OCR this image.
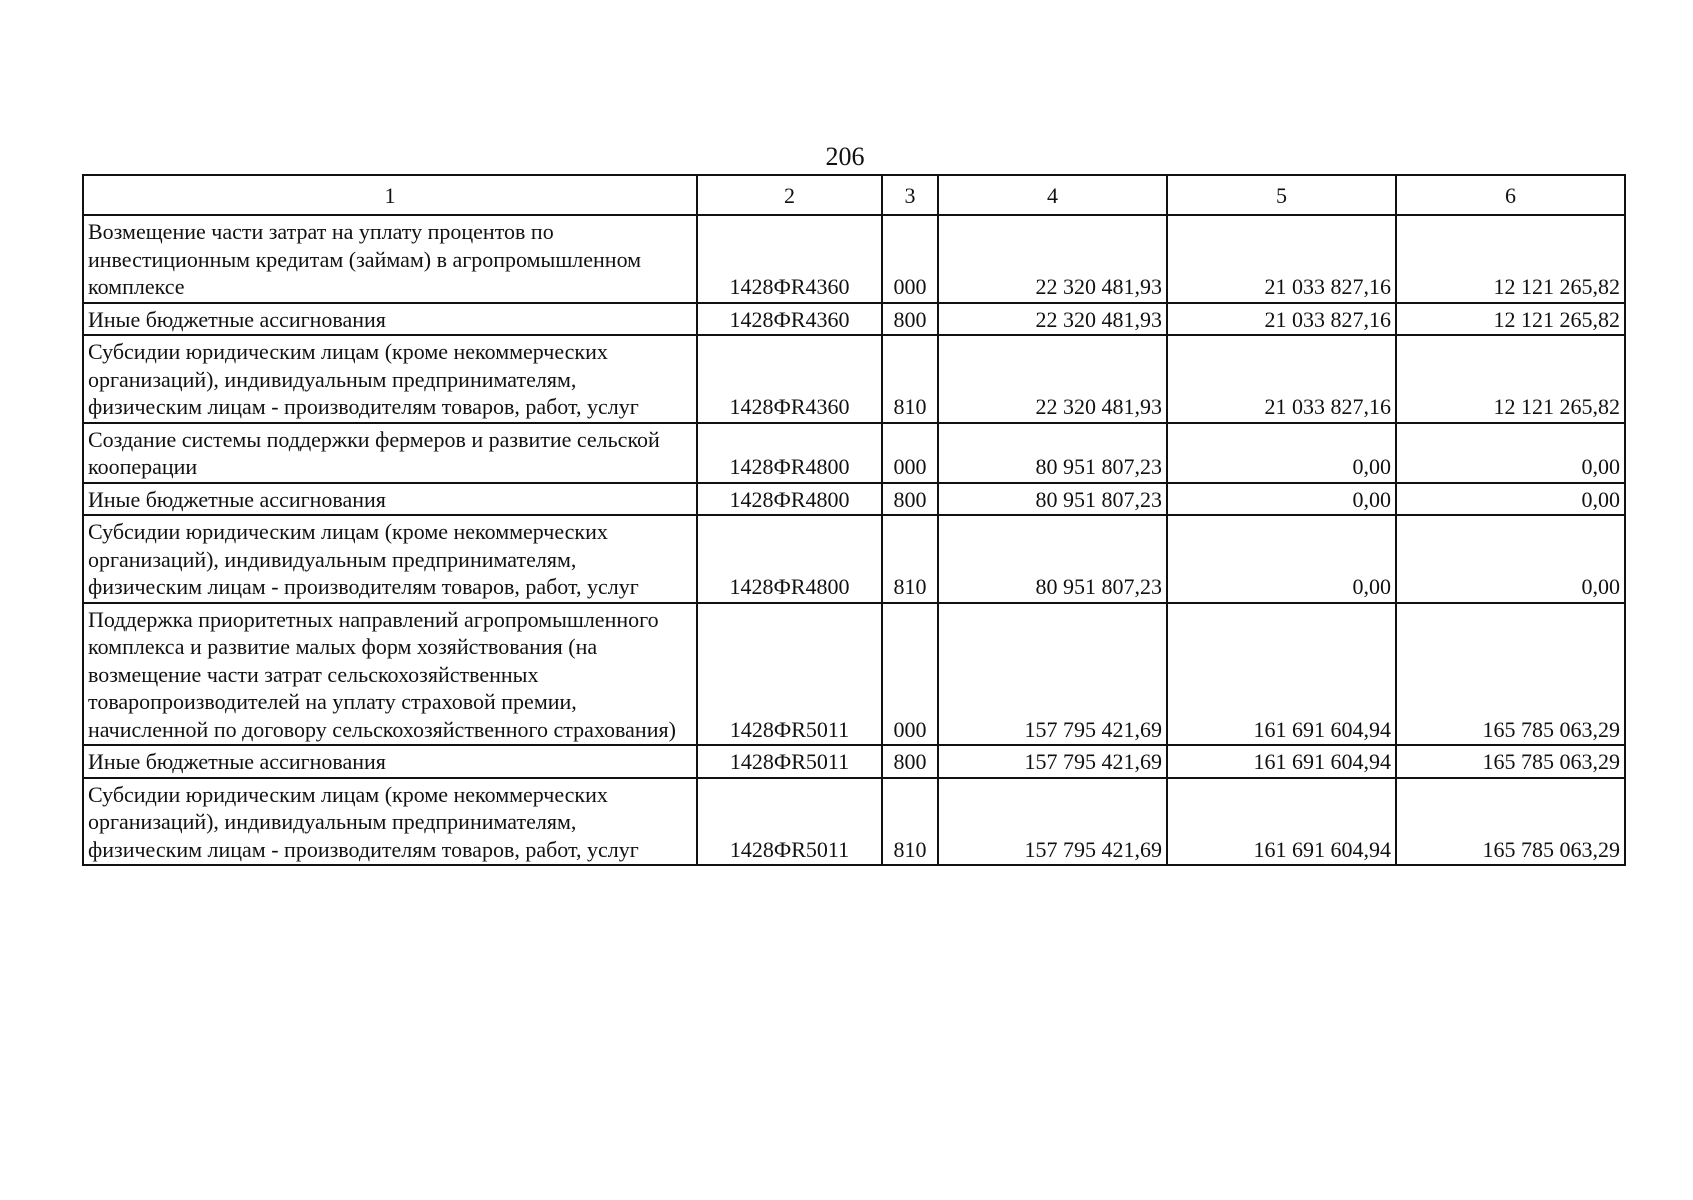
206
1	2	3	4	5	6
Возмещение части затрат на уплату процентов по инвестиционным кредитам (займам) в агропромышленном комплексе	1428ФR4360	000	22 320 481,93	21 033 827,16	12 121 265,82
Иные бюджетные ассигнования	1428ФR4360	800	22 320 481,93	21 033 827,16	12 121 265,82
Субсидии юридическим лицам (кроме некоммерческих организаций), индивидуальным предпринимателям, физическим лицам - производителям товаров, работ, услуг	1428ФR4360	810	22 320 481,93	21 033 827,16	12 121 265,82
Создание системы поддержки фермеров и развитие сельской кооперации	1428ФR4800	000	80 951 807,23	0,00	0,00
Иные бюджетные ассигнования	1428ФR4800	800	80 951 807,23	0,00	0,00
Субсидии юридическим лицам (кроме некоммерческих организаций), индивидуальным предпринимателям, физическим лицам - производителям товаров, работ, услуг	1428ФR4800	810	80 951 807,23	0,00	0,00
Поддержка приоритетных направлений агропромышленного комплекса и развитие малых форм хозяйствования (на возмещение части затрат сельскохозяйственных товаропроизводителей на уплату страховой премии, начисленной по договору сельскохозяйственного страхования)	1428ФR5011	000	157 795 421,69	161 691 604,94	165 785 063,29
Иные бюджетные ассигнования	1428ФR5011	800	157 795 421,69	161 691 604,94	165 785 063,29
Субсидии юридическим лицам (кроме некоммерческих организаций), индивидуальным предпринимателям, физическим лицам - производителям товаров, работ, услуг	1428ФR5011	810	157 795 421,69	161 691 604,94	165 785 063,29
